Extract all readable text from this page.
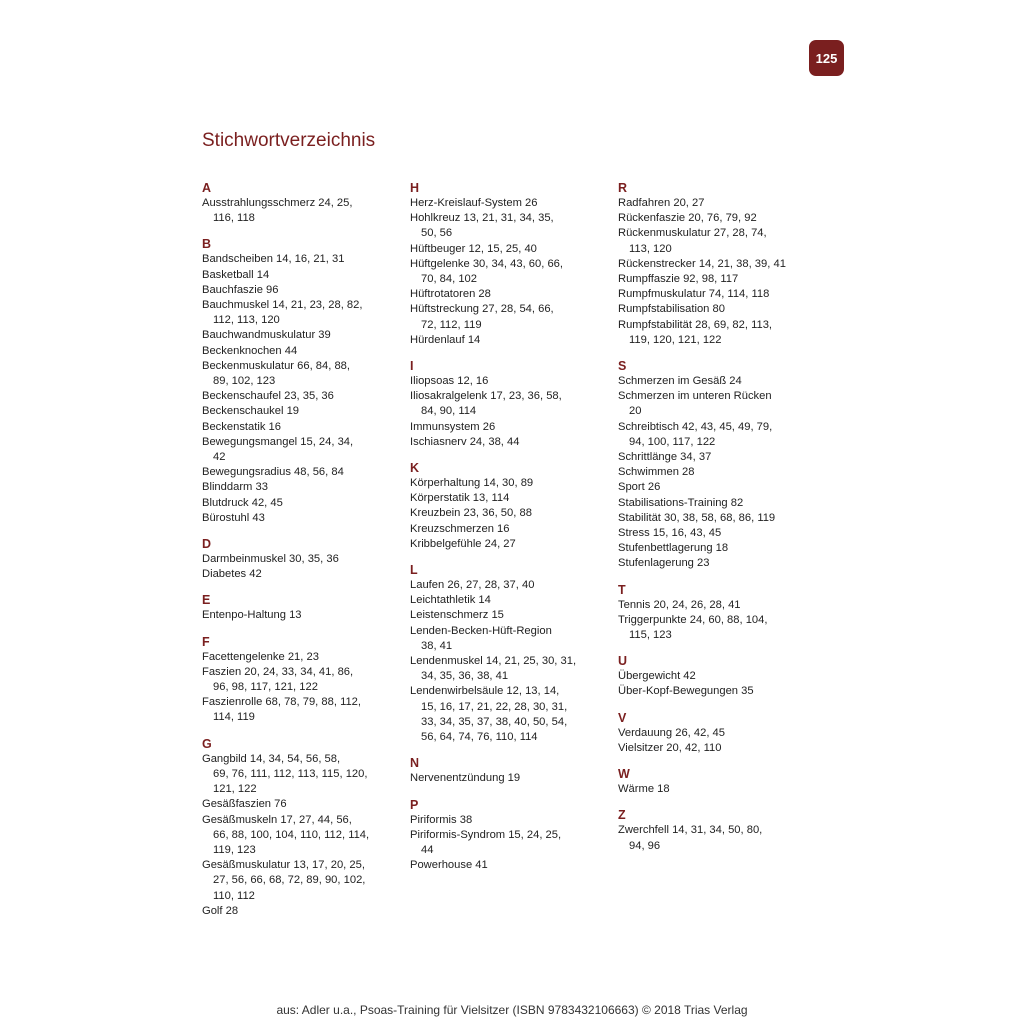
125
Stichwortverzeichnis
A
Ausstrahlungsschmerz 24, 25,
116, 118
B
Bandscheiben 14, 16, 21, 31
Basketball 14
Bauchfaszie 96
Bauchmuskel 14, 21, 23, 28, 82,
112, 113, 120
Bauchwandmuskulatur 39
Beckenknochen 44
Beckenmuskulatur 66, 84, 88,
89, 102, 123
Beckenschaufel 23, 35, 36
Beckenschaukel 19
Beckenstatik 16
Bewegungsmangel 15, 24, 34,
42
Bewegungsradius 48, 56, 84
Blinddarm 33
Blutdruck 42, 45
Bürostuhl 43
D
Darmbeinmuskel 30, 35, 36
Diabetes 42
E
Entenpo-Haltung 13
F
Facettengelenke 21, 23
Faszien 20, 24, 33, 34, 41, 86,
96, 98, 117, 121, 122
Faszienrolle 68, 78, 79, 88, 112,
114, 119
G
Gangbild 14, 34, 54, 56, 58,
69, 76, 111, 112, 113, 115, 120,
121, 122
Gesäßfaszien 76
Gesäßmuskeln 17, 27, 44, 56,
66, 88, 100, 104, 110, 112, 114,
119, 123
Gesäßmuskulatur 13, 17, 20, 25,
27, 56, 66, 68, 72, 89, 90, 102,
110, 112
Golf 28
H
Herz-Kreislauf-System 26
Hohlkreuz 13, 21, 31, 34, 35,
50, 56
Hüftbeuger 12, 15, 25, 40
Hüftgelenke 30, 34, 43, 60, 66,
70, 84, 102
Hüftrotatoren 28
Hüftstreckung 27, 28, 54, 66,
72, 112, 119
Hürdenlauf 14
I
Iliopsoas 12, 16
Iliosakralgelenk 17, 23, 36, 58,
84, 90, 114
Immunsystem 26
Ischiasnerv 24, 38, 44
K
Körperhaltung 14, 30, 89
Körperstatik 13, 114
Kreuzbein 23, 36, 50, 88
Kreuzschmerzen 16
Kribbelgefühle 24, 27
L
Laufen 26, 27, 28, 37, 40
Leichtathletik 14
Leistenschmerz 15
Lenden-Becken-Hüft-Region
38, 41
Lendenmuskel 14, 21, 25, 30, 31,
34, 35, 36, 38, 41
Lendenwirbelsäule 12, 13, 14,
15, 16, 17, 21, 22, 28, 30, 31,
33, 34, 35, 37, 38, 40, 50, 54,
56, 64, 74, 76, 110, 114
N
Nervenentzündung 19
P
Piriformis 38
Piriformis-Syndrom 15, 24, 25,
44
Powerhouse 41
R
Radfahren 20, 27
Rückenfaszie 20, 76, 79, 92
Rückenmuskulatur 27, 28, 74,
113, 120
Rückenstrecker 14, 21, 38, 39, 41
Rumpffaszie 92, 98, 117
Rumpfmuskulatur 74, 114, 118
Rumpfstabilisation 80
Rumpfstabilität 28, 69, 82, 113,
119, 120, 121, 122
S
Schmerzen im Gesäß 24
Schmerzen im unteren Rücken
20
Schreibtisch 42, 43, 45, 49, 79,
94, 100, 117, 122
Schrittlänge 34, 37
Schwimmen 28
Sport 26
Stabilisations-Training 82
Stabilität 30, 38, 58, 68, 86, 119
Stress 15, 16, 43, 45
Stufenbettlagerung 18
Stufenlagerung 23
T
Tennis 20, 24, 26, 28, 41
Triggerpunkte 24, 60, 88, 104,
115, 123
U
Übergewicht 42
Über-Kopf-Bewegungen 35
V
Verdauung 26, 42, 45
Vielsitzer 20, 42, 110
W
Wärme 18
Z
Zwerchfell 14, 31, 34, 50, 80,
94, 96
aus: Adler u.a., Psoas-Training für Vielsitzer (ISBN 9783432106663) © 2018 Trias Verlag
